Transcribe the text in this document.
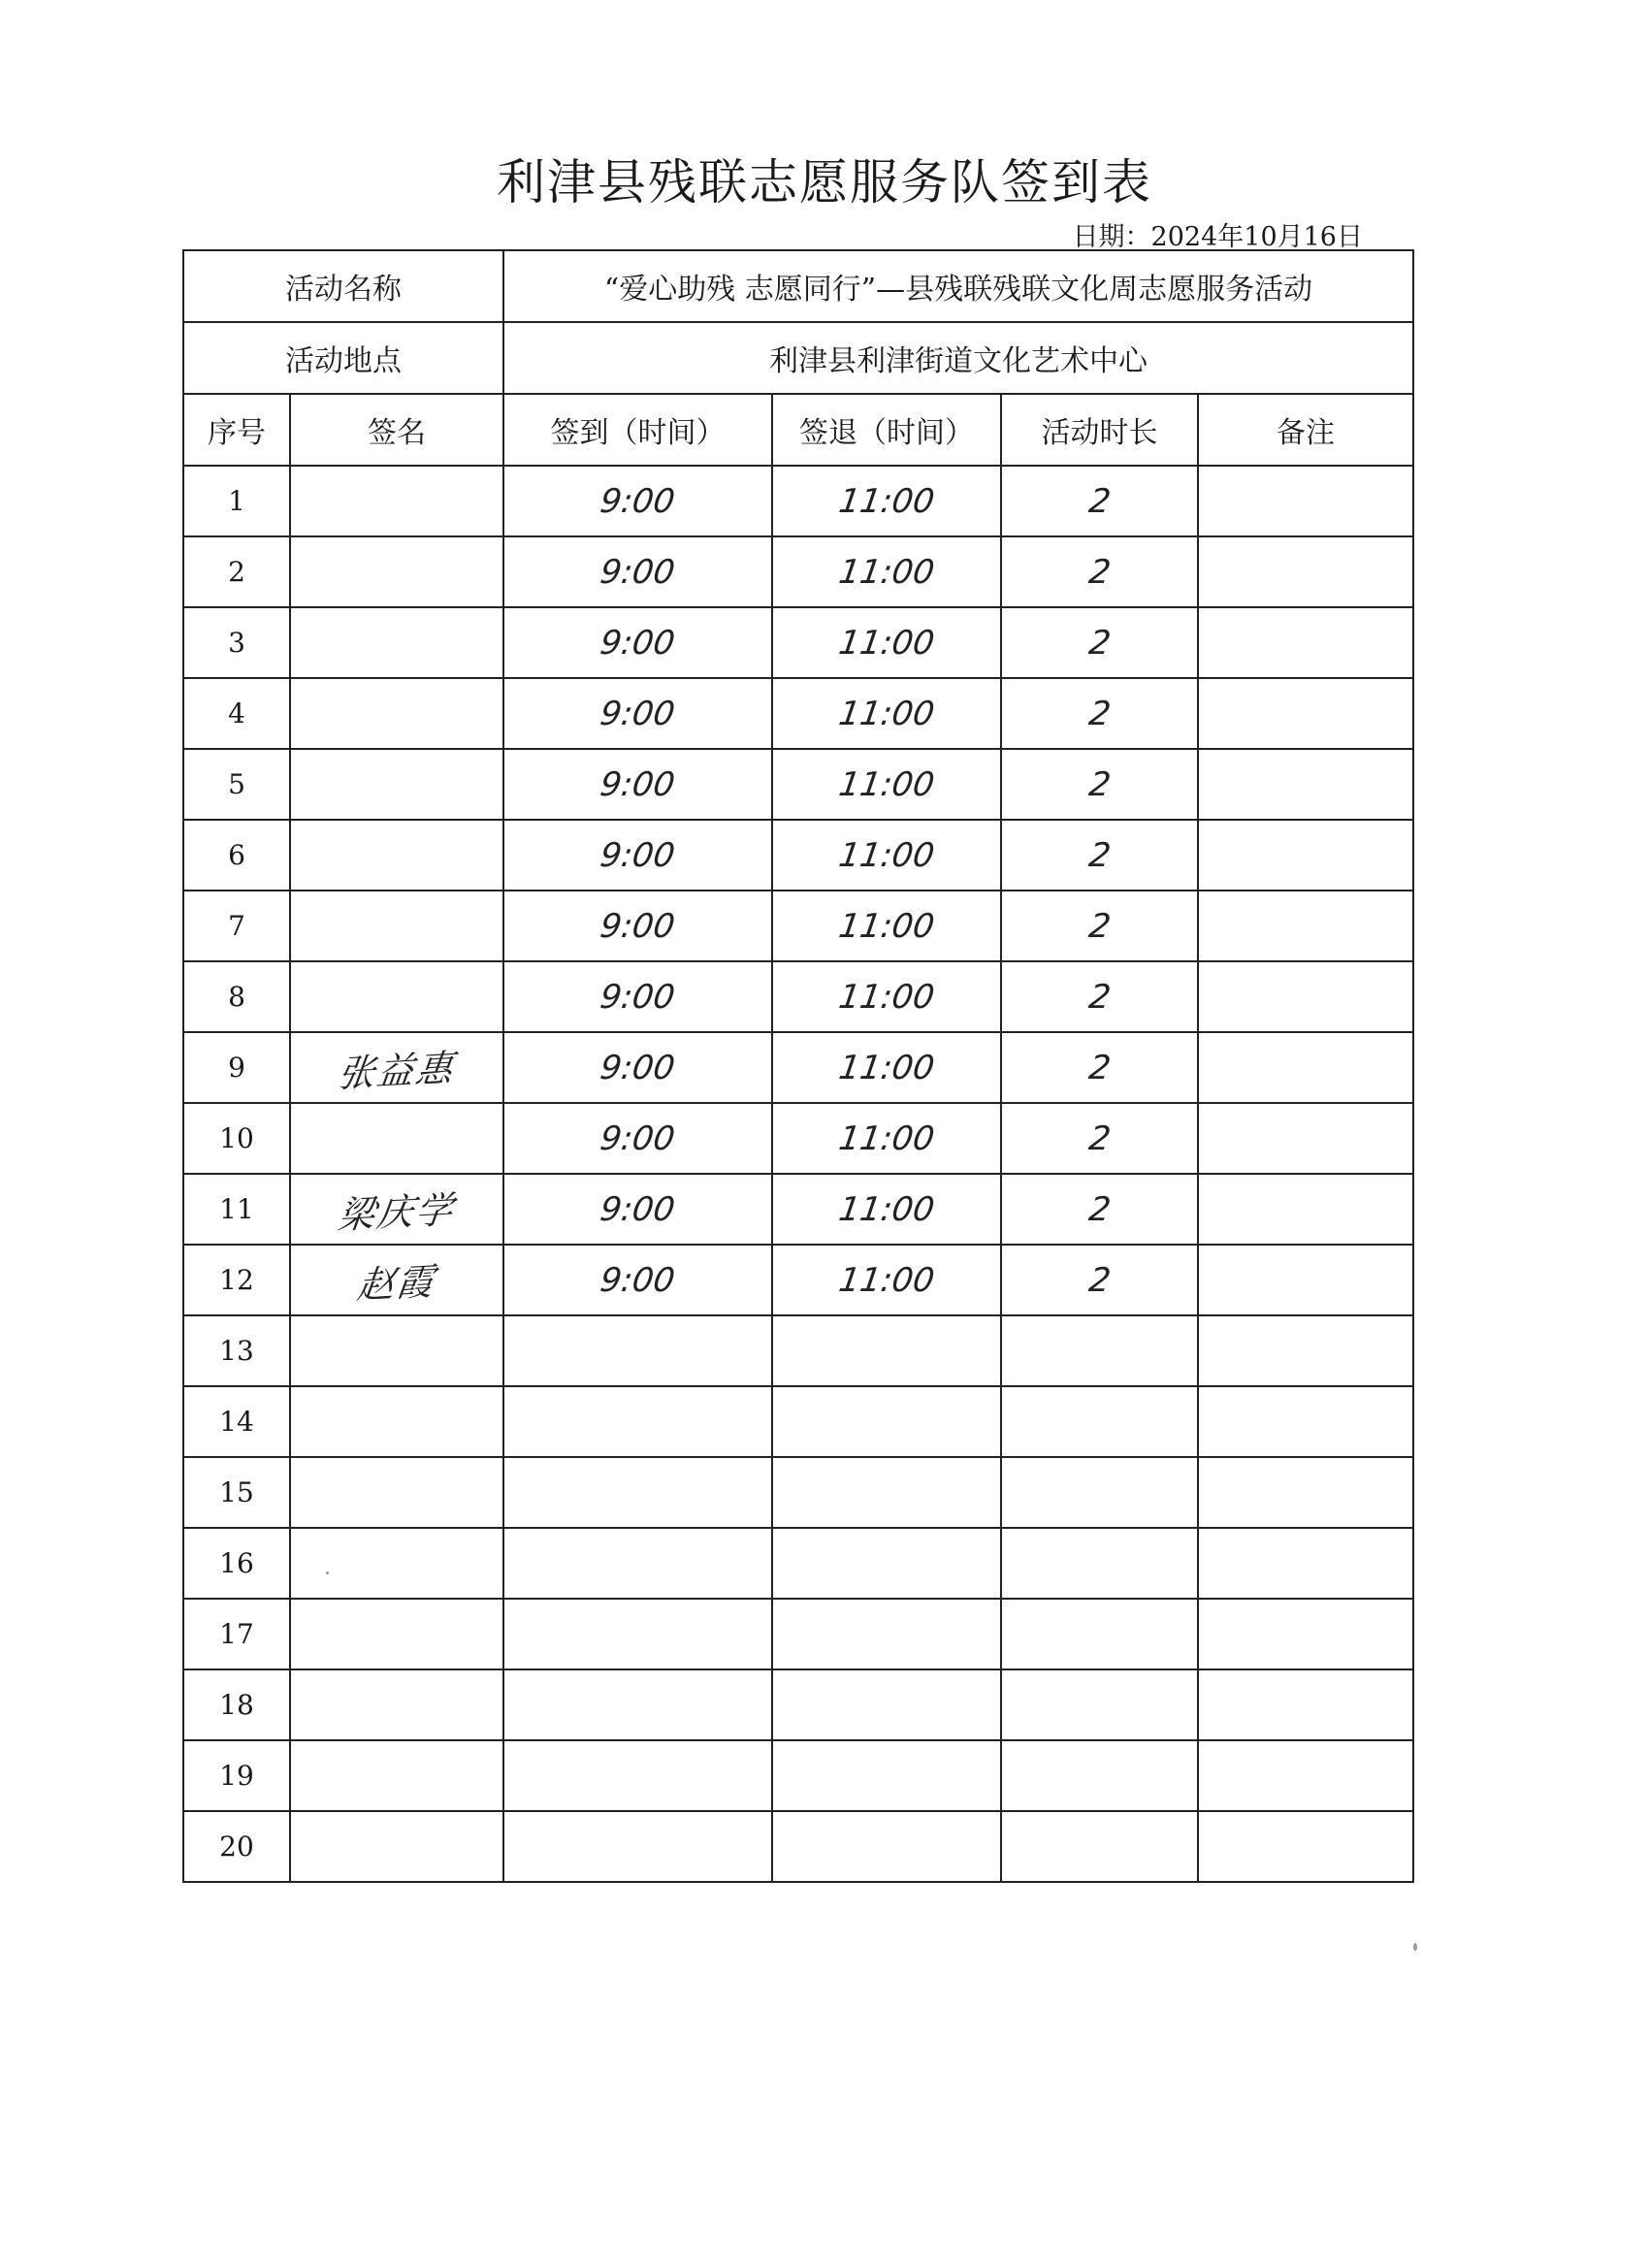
利津县残联志愿服务队签到表
日期：2024年10月16日
活动名称		“爱心助残 志愿同行”—县残联残联文化周志愿服务活动			
活动地点		利津县利津街道文化艺术中心			
序号	签名	签到（时间）	签退（时间）	活动时长	备注
1		9:00	11:00	2	
2		9:00	11:00	2	
3		9:00	11:00	2	
4		9:00	11:00	2	
5		9:00	11:00	2	
6		9:00	11:00	2	
7		9:00	11:00	2	
8		9:00	11:00	2	
9	张益惠	9:00	11:00	2	
10		9:00	11:00	2	
11	梁庆学	9:00	11:00	2	
12	赵霞	9:00	11:00	2	
13					
14					
15					
16					
17					
18					
19					
20					
